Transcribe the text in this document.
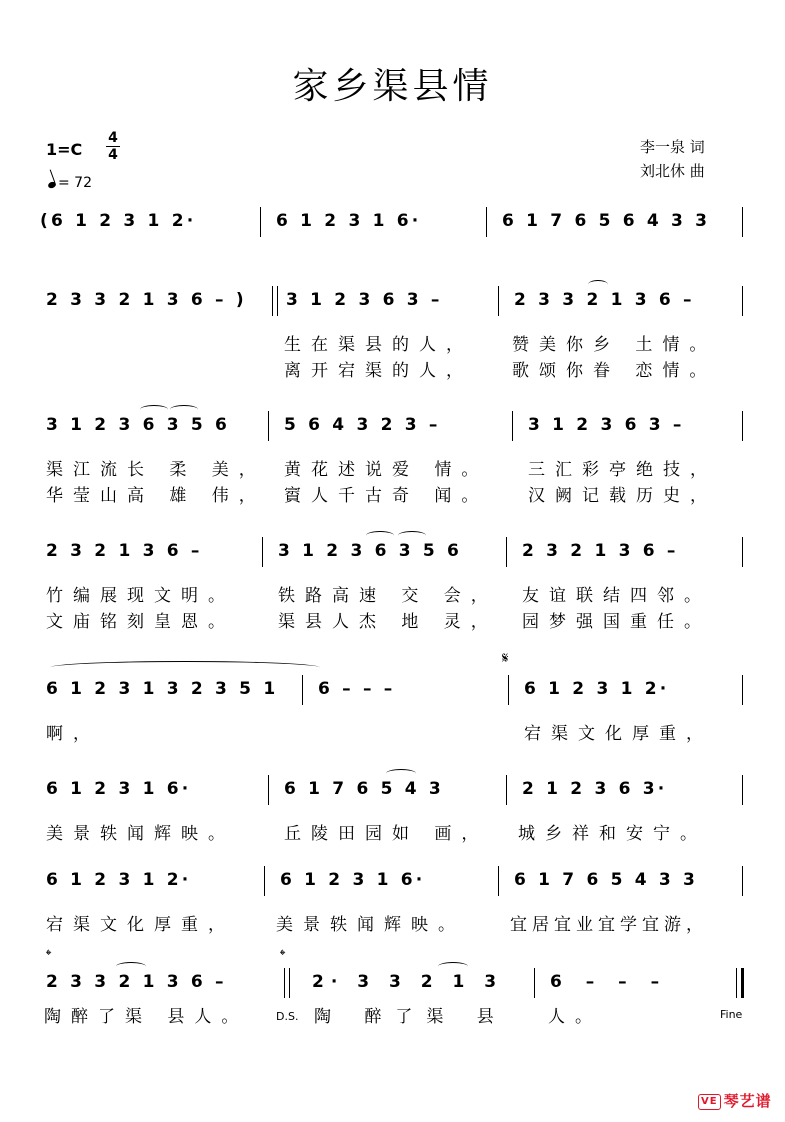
家乡渠县情
1=C
4
4
= 72
李一泉 词
刘北休 曲
(6 1 2 3 1 2·	6 1 2 3 1 6·	6 1 7 6 5 6 4 3 3
2 3 3 2 1 3 6 – ) 3 1 2 3 6 3 –
生在渠县的人，
离开宕渠的人，
2 3 3 2 1 3 6 –
赞美你乡 土情。
歌颂你眷 恋情。
3 1 2 3 6 3 5 6
渠江流长 柔 美，
华莹山高 雄 伟，
5 6 4 3 2 3 –
黄花述说爱 情。
賨人千古奇 闻。
3 1 2 3 6 3 –
三汇彩亭绝技，
汉阙记载历史，
2 3 2 1 3 6 –
竹编展现文明。
文庙铭刻皇恩。
3 1 2 3 6 3 5 6
铁路高速 交 会，
渠县人杰 地 灵，
2 3 2 1 3 6 –
友谊联结四邻。
园梦强国重任。
6 1 2 3 1 3 2 3 5 1
啊，
6 – – –
𝄋
6 1 2 3 1 2·
宕渠文化厚重，
6 1 2 3 1 6·
美景轶闻辉映。
6 1 7 6 5 4 3
丘陵田园如 画，
2 1 2 3 6 3·
城乡祥和安宁。
6 1 2 3 1 2·
宕渠文化厚重，
6 1 2 3 1 6·
美景轶闻辉映。
6 1 7 6 5 4 3 3
宜居宜业宜学宜游，
𝄌
2 3 3 2 1 3 6 –
陶醉了渠 县人。
𝄌
2· 3 3 2 1 3
D.S. 陶 醉了渠 县
6 – – –
人。	Fine
VE 琴艺谱
